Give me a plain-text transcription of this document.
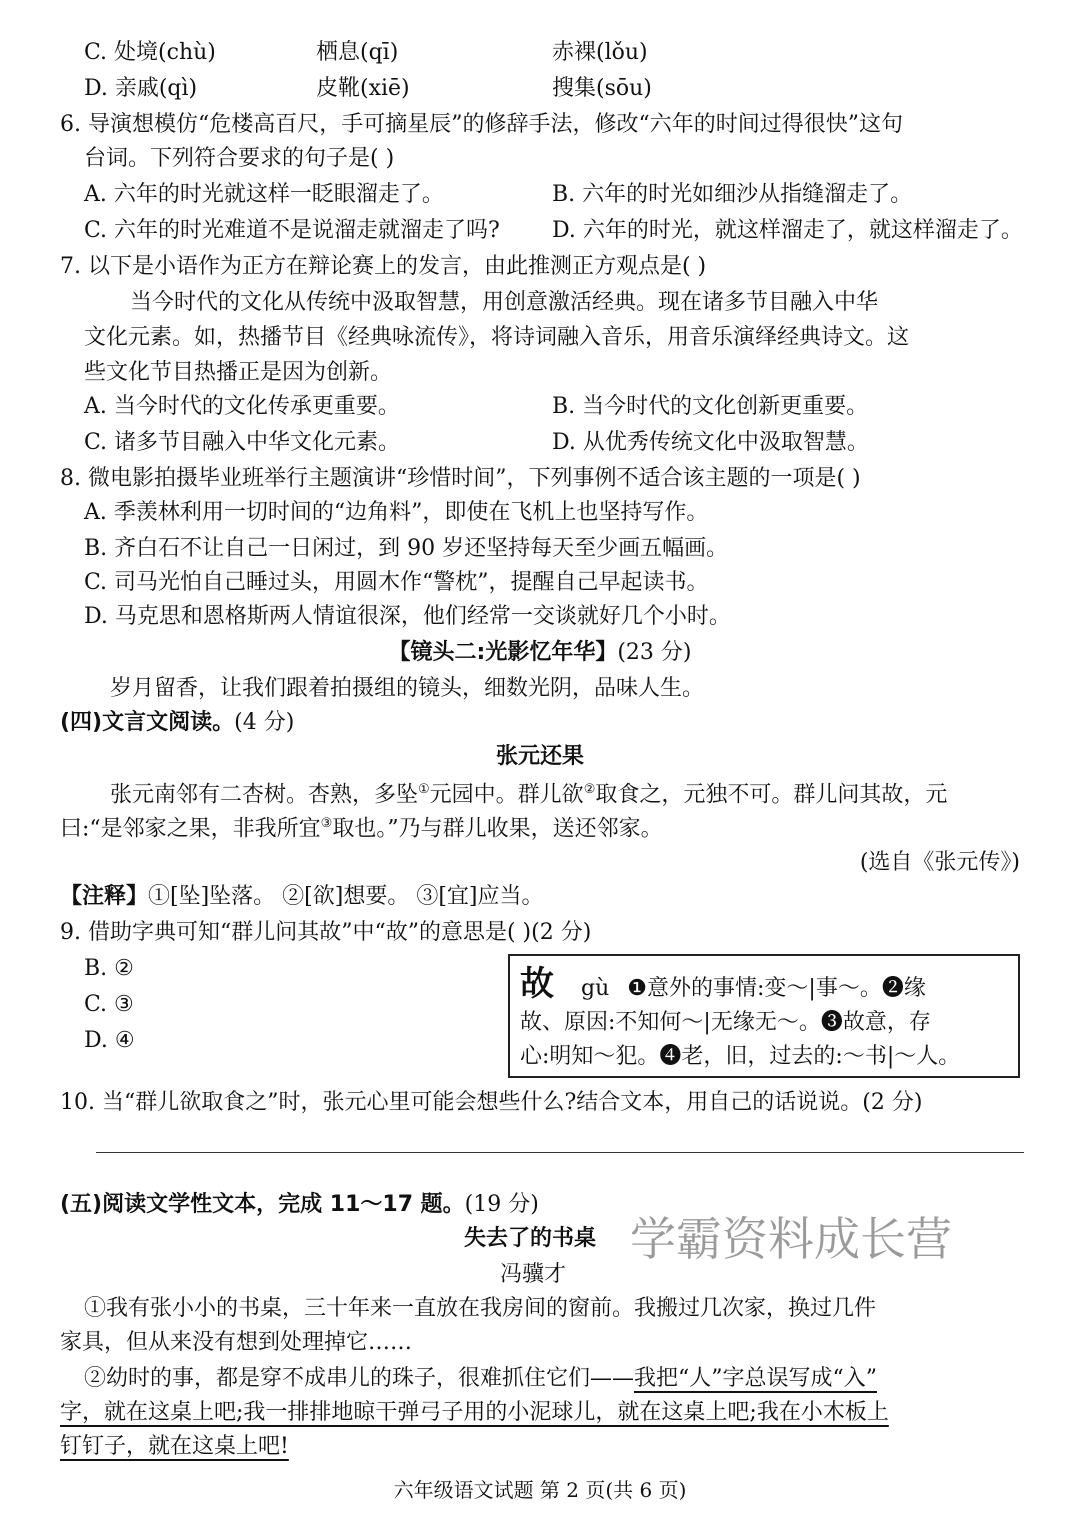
C. 处境(chù)	栖息(qī)	赤裸(lǒu)
D. 亲戚(qì)	皮靴(xiē)	搜集(sōu)
6. 导演想模仿“危楼高百尺，手可摘星辰”的修辞手法，修改“六年的时间过得很快”这句
台词。下列符合要求的句子是( )
A. 六年的时光就这样一眨眼溜走了。	B. 六年的时光如细沙从指缝溜走了。
C. 六年的时光难道不是说溜走就溜走了吗? D. 六年的时光，就这样溜走了，就这样溜走了。
7. 以下是小语作为正方在辩论赛上的发言，由此推测正方观点是( )
当今时代的文化从传统中汲取智慧，用创意激活经典。现在诸多节目融入中华
文化元素。如，热播节目《经典咏流传》，将诗词融入音乐，用音乐演绎经典诗文。这
些文化节目热播正是因为创新。
A. 当今时代的文化传承更重要。	B. 当今时代的文化创新更重要。
C. 诸多节目融入中华文化元素。	D. 从优秀传统文化中汲取智慧。
8. 微电影拍摄毕业班举行主题演讲“珍惜时间”，下列事例不适合该主题的一项是( )
A. 季羡林利用一切时间的“边角料”，即使在飞机上也坚持写作。
B. 齐白石不让自己一日闲过，到 90 岁还坚持每天至少画五幅画。
C. 司马光怕自己睡过头，用圆木作“警枕”，提醒自己早起读书。
D. 马克思和恩格斯两人情谊很深，他们经常一交谈就好几个小时。
【镜头二:光影忆年华】(23 分)
岁月留香，让我们跟着拍摄组的镜头，细数光阴，品味人生。
(四)文言文阅读。(4 分)
张元还果
张元南邻有二杏树。杏熟，多坠①元园中。群儿欲②取食之，元独不可。群儿问其故，元
曰:“是邻家之果，非我所宜③取也。”乃与群儿收果，送还邻家。
(选自《张元传》)
【注释】①[坠]坠落。 ②[欲]想要。 ③[宜]应当。
9. 借助字典可知“群儿问其故”中“故”的意思是( )(2 分)
B. ②
C. ③
D. ④
故 gù ❶意外的事情:变～|事～。❷缘
故、原因:不知何～|无缘无～。❸故意，存
心:明知～犯。❹老，旧，过去的:～书|～人。
10. 当“群儿欲取食之”时，张元心里可能会想些什么?结合文本，用自己的话说说。(2 分)
(五)阅读文学性文本，完成 11～17 题。(19 分)
失去了的书桌 学霸资料成长营
冯骥才
①我有张小小的书桌，三十年来一直放在我房间的窗前。我搬过几次家，换过几件
家具，但从来没有想到处理掉它……
②幼时的事，都是穿不成串儿的珠子，很难抓住它们——我把“人”字总误写成“入”
字，就在这桌上吧;我一排排地晾干弹弓子用的小泥球儿，就在这桌上吧;我在小木板上
钉钉子，就在这桌上吧!
六年级语文试题 第 2 页(共 6 页)
